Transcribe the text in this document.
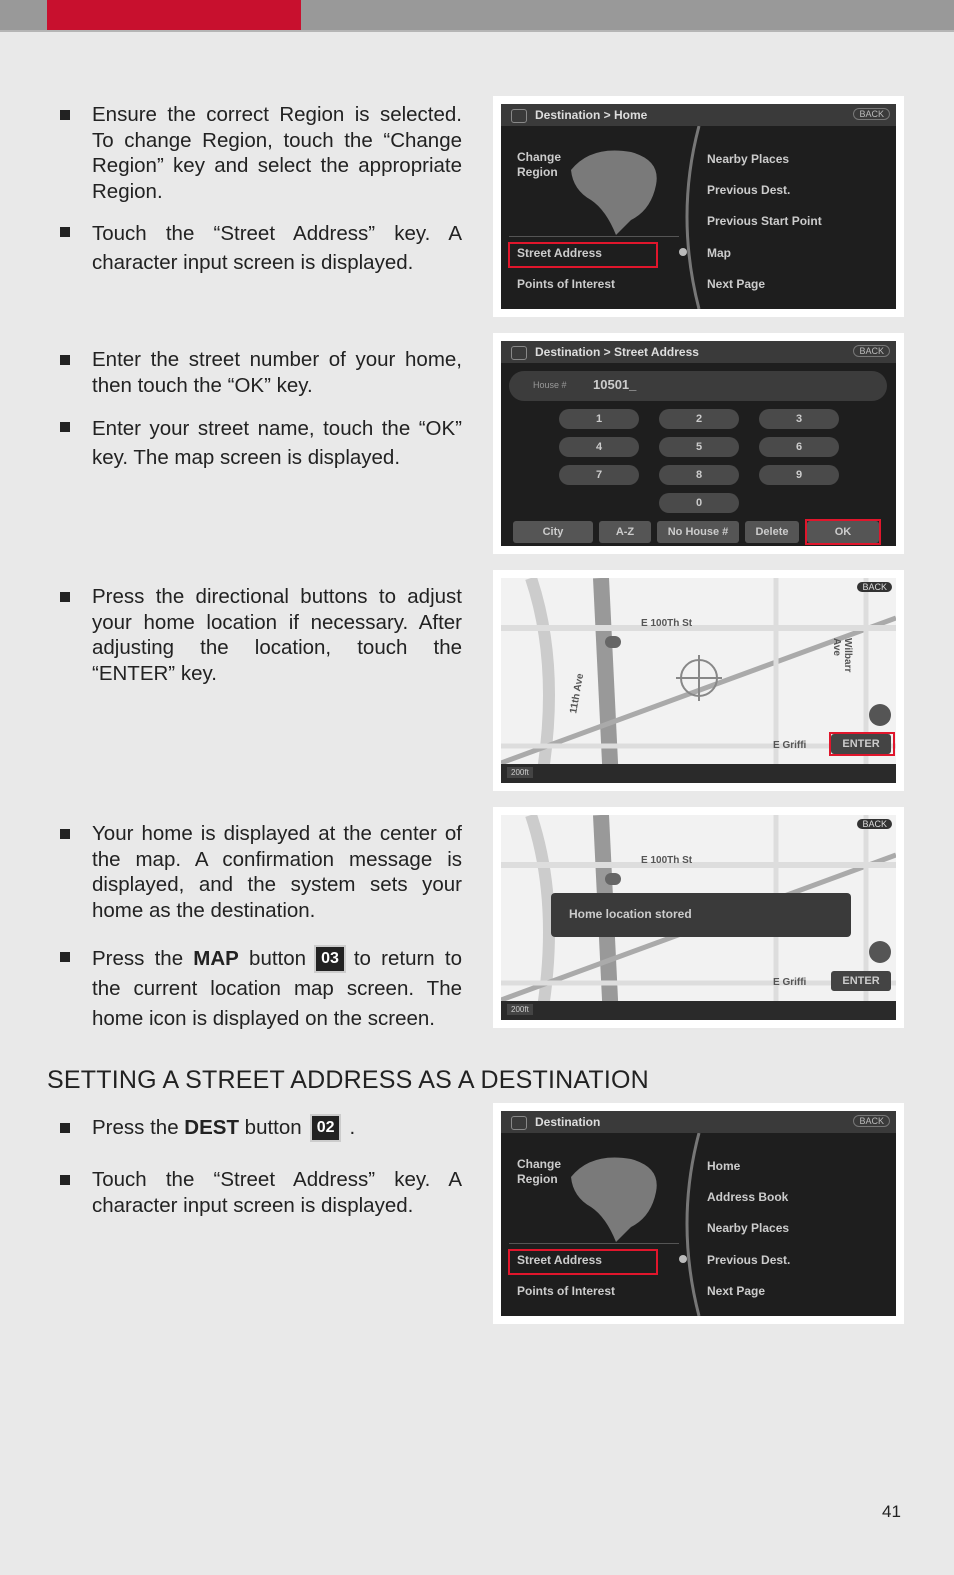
Ensure the correct Region is selected. To change Region, touch the “Change Region” key and select the appropriate Region.
Touch the “Street Address” key. A character input screen is displayed.
Enter the street number of your home, then touch the “OK” key.
Enter your street name, touch the “OK” key. The map screen is displayed.
Press the directional buttons to adjust your home location if necessary. After adjusting the location, touch the “ENTER” key.
Your home is displayed at the center of the map. A confirmation message is displayed, and the system sets your home as the destination.
Press the MAP button 03 to return to the current location map screen. The home icon is displayed on the screen.
Press the DEST button 02 .
Touch the “Street Address” key. A character input screen is displayed.
SETTING A STREET ADDRESS AS A DESTINATION
41
Destination > Home	BACK
Change Region
Street Address
Points of Interest
Nearby Places
Previous Dest.
Previous Start Point
Map
Next Page
Destination > Street Address	BACK
House # 10501_
1	2	3
4	5	6
7	8	9
0
City	A-Z	No House #	Delete	OK
E 100Th St
E Griffi
11th Ave
Wilbarr Ave
BACK
ENTER
200ft
E 100Th St
E Griffi
Home location stored
BACK
ENTER
200ft
Destination	BACK
Change Region
Street Address
Points of Interest
Home
Address Book
Nearby Places
Previous Dest.
Next Page
